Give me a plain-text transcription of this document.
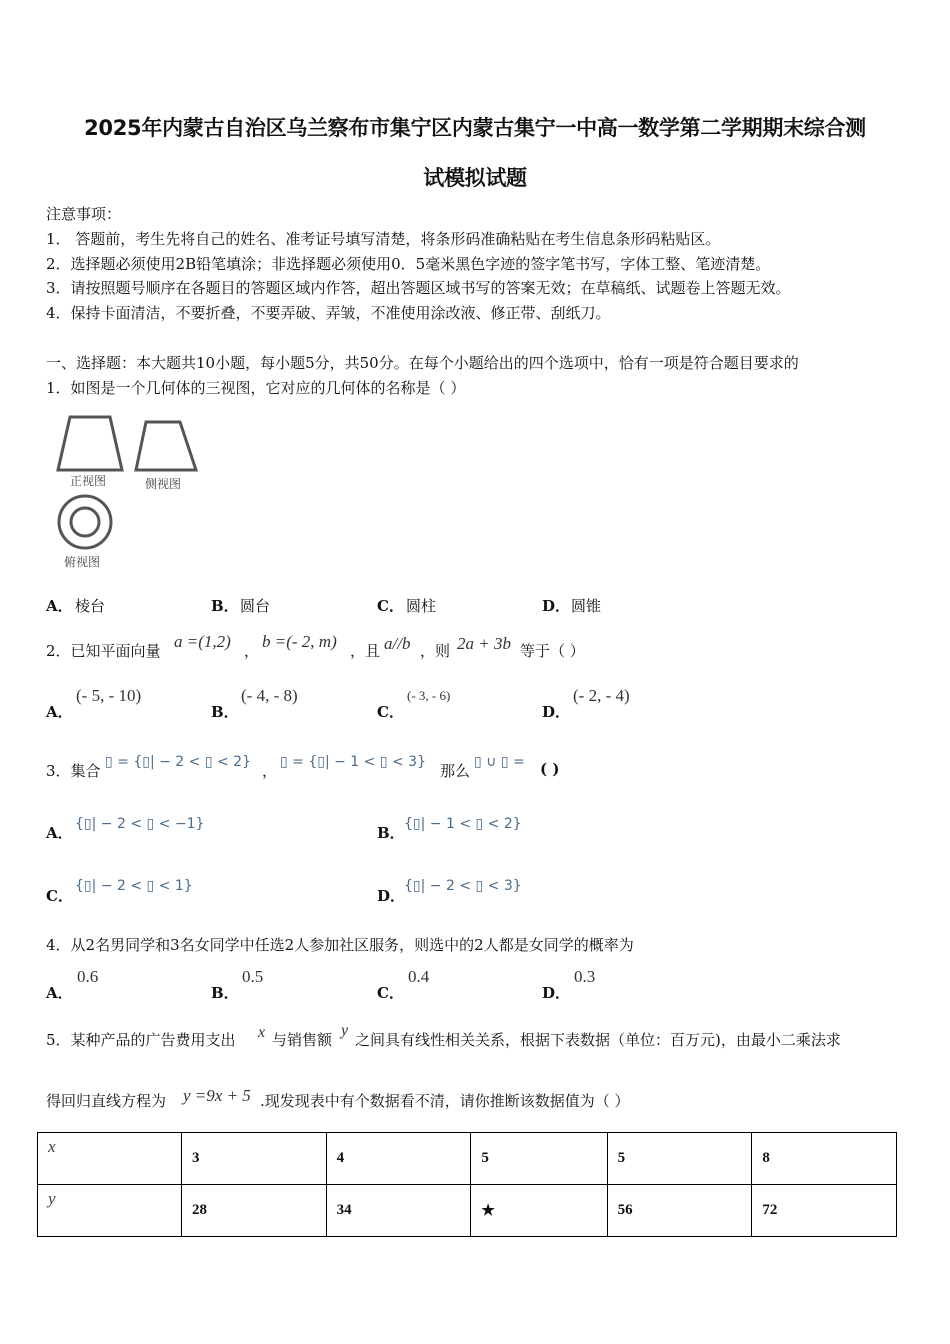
2025年内蒙古自治区乌兰察布市集宁区内蒙古集宁一中高一数学第二学期期末综合测
试模拟试题
注意事项：
1． 答题前，考生先将自己的姓名、准考证号填写清楚，将条形码准确粘贴在考生信息条形码粘贴区。
2．选择题必须使用2B铅笔填涂；非选择题必须使用0．5毫米黑色字迹的签字笔书写，字体工整、笔迹清楚。
3．请按照题号顺序在各题目的答题区域内作答，超出答题区域书写的答案无效；在草稿纸、试题卷上答题无效。
4．保持卡面清洁，不要折叠，不要弄破、弄皱，不准使用涂改液、修正带、刮纸刀。
一、选择题：本大题共10小题，每小题5分，共50分。在每个小题给出的四个选项中，恰有一项是符合题目要求的
1．如图是一个几何体的三视图，它对应的几何体的名称是（ ）
正视图	侧视图
俯视图
A． 棱台	B． 圆台	C． 圆柱	D． 圆锥
2．已知平面向量 a =(1,2) ， b =(- 2, m) ，且 a//b ，则 2a + 3b 等于（ ）
A．
(- 5, - 10)
B．
(- 4, - 8)
C．
(- 3, - 6)
D．
(- 2, - 4)
3．集合 ▯ = {▯| − 2 < ▯ < 2} ， ▯ = {▯| − 1 < ▯ < 3} 那么 ▯ ∪ ▯ = ( )
A． {▯| − 2 < ▯ < −1}	B． {▯| − 1 < ▯ < 2}
C．
{▯| − 2 < ▯ < 1}
D．
{▯| − 2 < ▯ < 3}
4．从2名男同学和3名女同学中任选2人参加社区服务，则选中的2人都是女同学的概率为
A．
0.6
B．
0.5
C．
0.4
D．
0.3
5．某种产品的广告费用支出 x 与销售额
y
之间具有线性相关关系，根据下表数据（单位：百万元)，由最小二乘法求
得回归直线方程为 y =9x + 5 .现发现表中有个数据看不清，请你推断该数据值为（ ）
x	3	4	5	5	8
y	28	34	★	56	72
